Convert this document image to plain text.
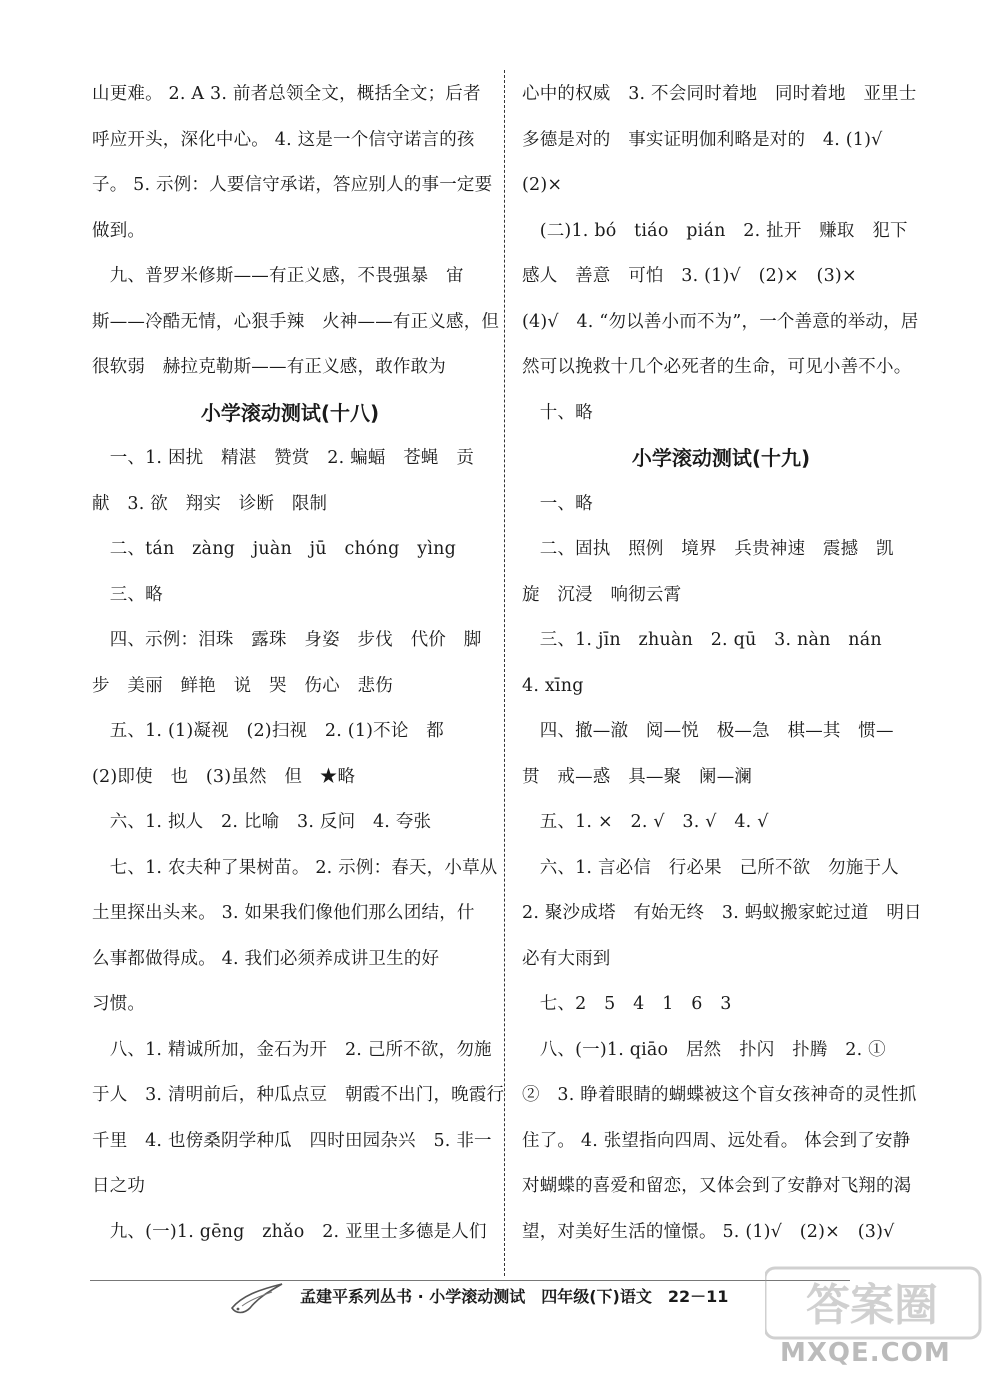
山更难。 2. A 3. 前者总领全文，概括全文；后者
呼应开头，深化中心。 4. 这是一个信守诺言的孩
子。 5. 示例：人要信守承诺，答应别人的事一定要
做到。
　九、普罗米修斯——有正义感，不畏强暴　宙
斯——冷酷无情，心狠手辣　火神——有正义感，但
很软弱　赫拉克勒斯——有正义感，敢作敢为
小学滚动测试(十八)
　一、1. 困扰　精湛　赞赏　2. 蝙蝠　苍蝇　贡
献　3. 欲　翔实　诊断　限制
　二、tán　zàng　juàn　jū　chóng　yìng
　三、略
　四、示例：泪珠　露珠　身姿　步伐　代价　脚
步　美丽　鲜艳　说　哭　伤心　悲伤
　五、1. (1)凝视　(2)扫视　2. (1)不论　都
(2)即使　也　(3)虽然　但　★略
　六、1. 拟人　2. 比喻　3. 反问　4. 夸张
　七、1. 农夫种了果树苗。 2. 示例：春天，小草从
土里探出头来。 3. 如果我们像他们那么团结，什
么事都做得成。 4. 我们必须养成讲卫生的好
习惯。
　八、1. 精诚所加，金石为开　2. 己所不欲，勿施
于人　3. 清明前后，种瓜点豆　朝霞不出门，晚霞行
千里　4. 也傍桑阴学种瓜　四时田园杂兴　5. 非一
日之功
　九、(一)1. gēng　zhǎo　2. 亚里士多德是人们
心中的权威　3. 不会同时着地　同时着地　亚里士
多德是对的　事实证明伽利略是对的　4. (1)√
(2)×
　(二)1. bó　tiáo　pián　2. 扯开　赚取　犯下
感人　善意　可怕　3. (1)√　(2)×　(3)×
(4)√　4. “勿以善小而不为”，一个善意的举动，居
然可以挽救十几个必死者的生命，可见小善不小。
　十、略
小学滚动测试(十九)
　一、略
　二、固执　照例　境界　兵贵神速　震撼　凯
旋　沉浸　响彻云霄
　三、1. jīn　zhuàn　2. qū　3. nàn　nán
4. xīng
　四、撤—澈　阅—悦　极—急　棋—其　惯—
贯　戒—惑　具—聚　阑—澜
　五、1. ×　2. √　3. √　4. √
　六、1. 言必信　行必果　己所不欲　勿施于人
2. 聚沙成塔　有始无终　3. 蚂蚁搬家蛇过道　明日
必有大雨到
　七、2　5　4　1　6　3
　八、(一)1. qiāo　居然　扑闪　扑腾　2. ①
②　3. 睁着眼睛的蝴蝶被这个盲女孩神奇的灵性抓
住了。 4. 张望指向四周、远处看。 体会到了安静
对蝴蝶的喜爱和留恋，又体会到了安静对飞翔的渴
望，对美好生活的憧憬。 5. (1)√　(2)×　(3)√
孟建平系列丛书 · 小学滚动测试　四年级(下)语文　22－11 答案圈
MXQE.COM
